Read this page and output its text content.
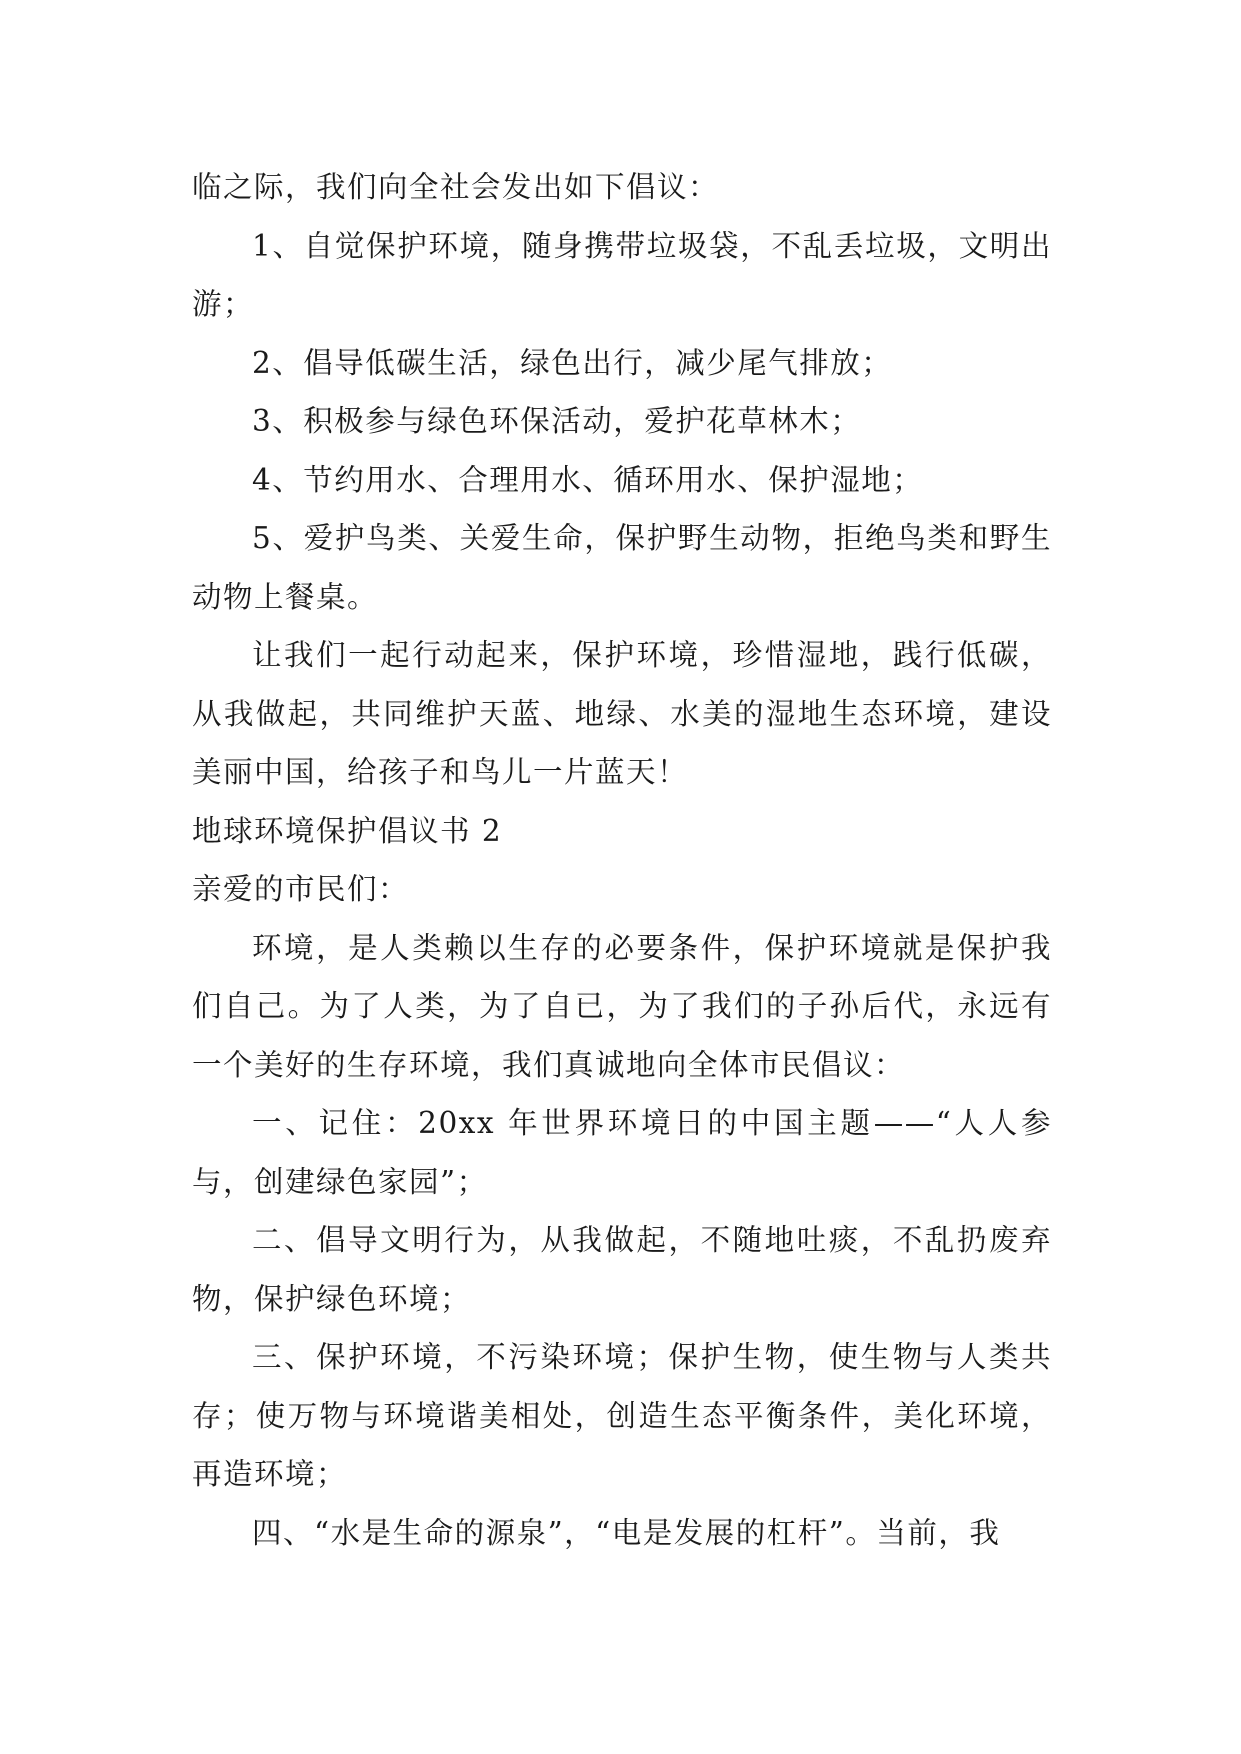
临之际，我们向全社会发出如下倡议：

1、自觉保护环境，随身携带垃圾袋，不乱丢垃圾，文明出游；

2、倡导低碳生活，绿色出行，减少尾气排放；

3、积极参与绿色环保活动，爱护花草林木；

4、节约用水、合理用水、循环用水、保护湿地；

5、爱护鸟类、关爱生命，保护野生动物，拒绝鸟类和野生动物上餐桌。

让我们一起行动起来，保护环境，珍惜湿地，践行低碳，从我做起，共同维护天蓝、地绿、水美的湿地生态环境，建设美丽中国，给孩子和鸟儿一片蓝天！

地球环境保护倡议书 2

亲爱的市民们：

环境，是人类赖以生存的必要条件，保护环境就是保护我们自己。为了人类，为了自已，为了我们的子孙后代，永远有一个美好的生存环境，我们真诚地向全体市民倡议：

一、记住：20xx 年世界环境日的中国主题——“人人参与，创建绿色家园”；

二、倡导文明行为，从我做起，不随地吐痰，不乱扔废弃物，保护绿色环境；

三、保护环境，不污染环境；保护生物，使生物与人类共存；使万物与环境谐美相处，创造生态平衡条件，美化环境，再造环境；

四、“水是生命的源泉”，“电是发展的杠杆”。当前，我
